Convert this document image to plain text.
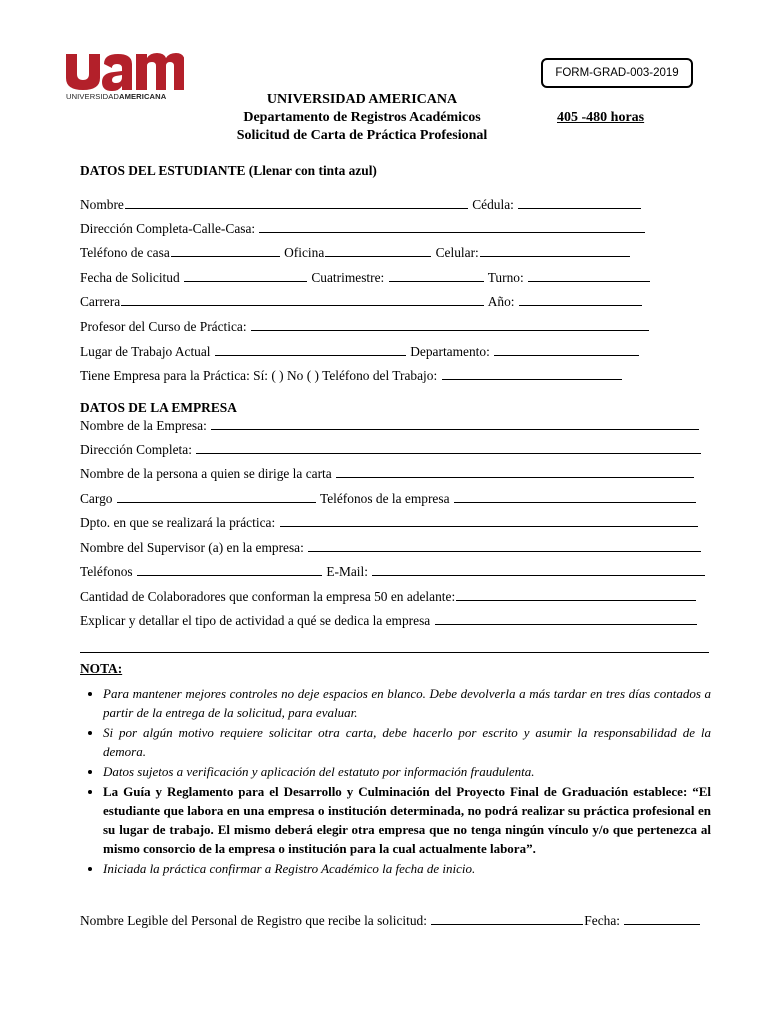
UNIVERSIDADAMERICANA
FORM-GRAD-003-2019
UNIVERSIDAD AMERICANA
Departamento de Registros Académicos
Solicitud de Carta de Práctica Profesional
405 -480 horas
DATOS DEL ESTUDIANTE (Llenar con tinta azul)
Nombre	Cédula:
Dirección Completa-Calle-Casa:
Teléfono de casa	Oficina	Celular:
Fecha de Solicitud	Cuatrimestre:	Turno:
Carrera	Año:
Profesor del Curso de Práctica:
Lugar de Trabajo Actual	Departamento:
Tiene Empresa para la Práctica: Sí: ( ) No ( ) Teléfono del Trabajo:
DATOS DE LA EMPRESA
Nombre de la Empresa:
Dirección Completa:
Nombre de la persona a quien se dirige la carta
Cargo	Teléfonos de la empresa
Dpto. en que se realizará la práctica:
Nombre del Supervisor (a) en la empresa:
Teléfonos	E-Mail:
Cantidad de Colaboradores que conforman la empresa 50 en adelante:
Explicar y detallar el tipo de actividad a qué se dedica la empresa
NOTA:
• Para mantener mejores controles no deje espacios en blanco. Debe devolverla a más tardar en tres días contados a partir de la entrega de la solicitud, para evaluar.
• Si por algún motivo requiere solicitar otra carta, debe hacerlo por escrito y asumir la responsabilidad de la demora.
• Datos sujetos a verificación y aplicación del estatuto por información fraudulenta.
• La Guía y Reglamento para el Desarrollo y Culminación del Proyecto Final de Graduación establece: “El estudiante que labora en una empresa o institución determinada, no podrá realizar su práctica profesional en su lugar de trabajo. El mismo deberá elegir otra empresa que no tenga ningún vínculo y/o que pertenezca al mismo consorcio de la empresa o institución para la cual actualmente labora”.
• Iniciada la práctica confirmar a Registro Académico la fecha de inicio.
Nombre Legible del Personal de Registro que recibe la solicitud:	Fecha:
